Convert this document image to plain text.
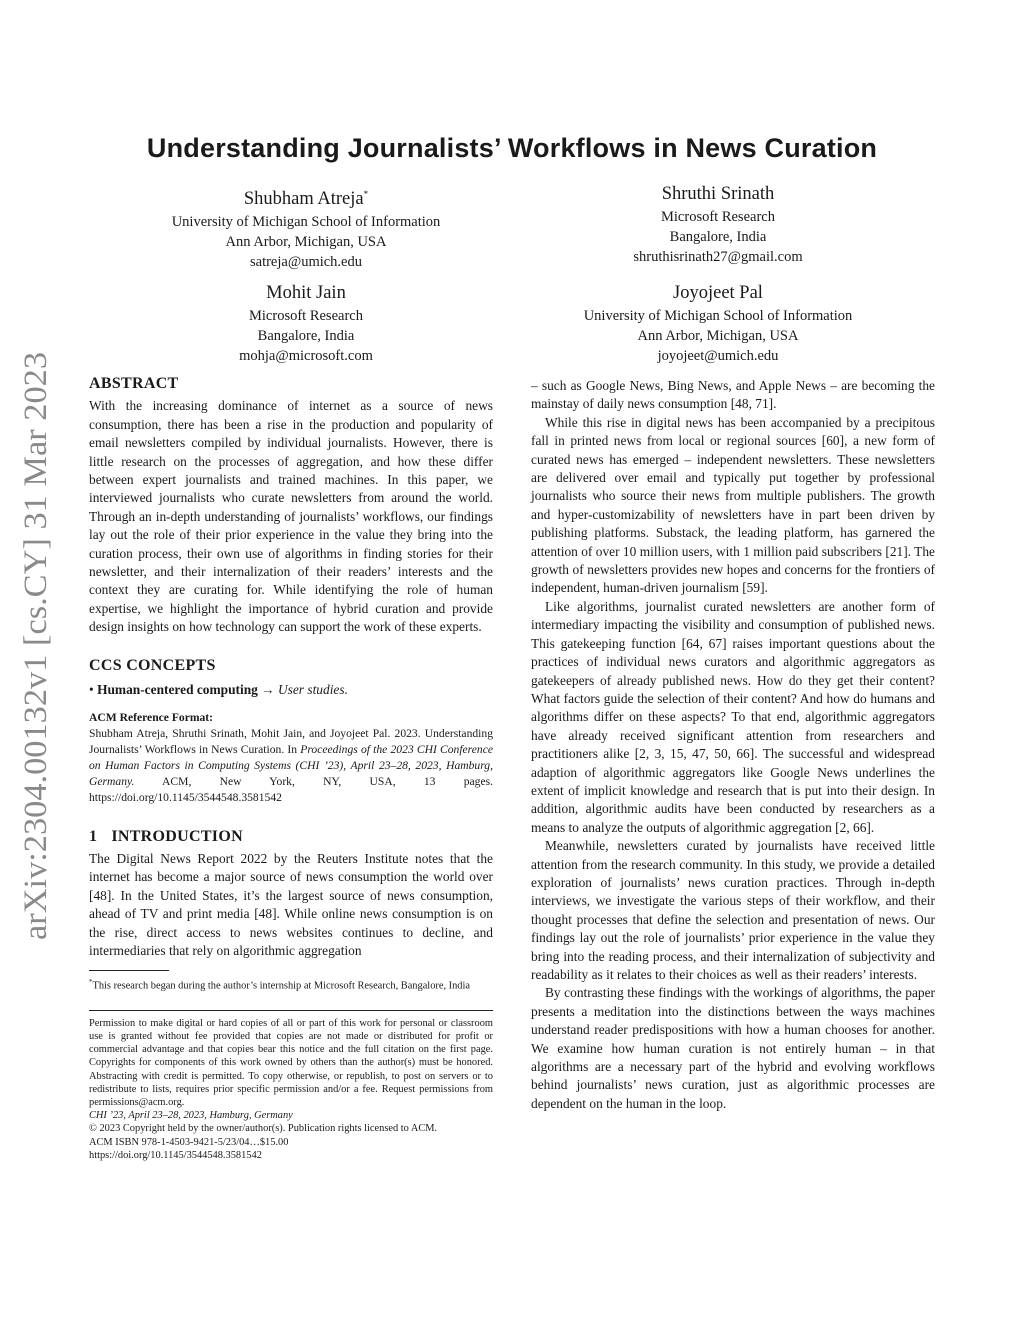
arXiv:2304.00132v1 [cs.CY] 31 Mar 2023
Understanding Journalists’ Workflows in News Curation
Shubham Atreja*
University of Michigan School of Information
Ann Arbor, Michigan, USA
satreja@umich.edu
Shruthi Srinath
Microsoft Research
Bangalore, India
shruthisrinath27@gmail.com
Mohit Jain
Microsoft Research
Bangalore, India
mohja@microsoft.com
Joyojeet Pal
University of Michigan School of Information
Ann Arbor, Michigan, USA
joyojeet@umich.edu
ABSTRACT

With the increasing dominance of internet as a source of news consumption, there has been a rise in the production and popularity of email newsletters compiled by individual journalists. However, there is little research on the processes of aggregation, and how these differ between expert journalists and trained machines. In this paper, we interviewed journalists who curate newsletters from around the world. Through an in-depth understanding of journalists’ workflows, our findings lay out the role of their prior experience in the value they bring into the curation process, their own use of algorithms in finding stories for their newsletter, and their internalization of their readers’ interests and the context they are curating for. While identifying the role of human expertise, we highlight the importance of hybrid curation and provide design insights on how technology can support the work of these experts.

CCS CONCEPTS
• Human-centered computing → User studies.
ACM Reference Format:
Shubham Atreja, Shruthi Srinath, Mohit Jain, and Joyojeet Pal. 2023. Understanding Journalists’ Workflows in News Curation. In Proceedings of the 2023 CHI Conference on Human Factors in Computing Systems (CHI ’23), April 23–28, 2023, Hamburg, Germany. ACM, New York, NY, USA, 13 pages. https://doi.org/10.1145/3544548.3581542
1 INTRODUCTION

The Digital News Report 2022 by the Reuters Institute notes that the internet has become a major source of news consumption the world over [48]. In the United States, it’s the largest source of news consumption, ahead of TV and print media [48]. While online news consumption is on the rise, direct access to news websites continues to decline, and intermediaries that rely on algorithmic aggregation

*This research began during the author’s internship at Microsoft Research, Bangalore, India

Permission to make digital or hard copies of all or part of this work for personal or classroom use is granted without fee provided that copies are not made or distributed for profit or commercial advantage and that copies bear this notice and the full citation on the first page. Copyrights for components of this work owned by others than the author(s) must be honored. Abstracting with credit is permitted. To copy otherwise, or republish, to post on servers or to redistribute to lists, requires prior specific permission and/or a fee. Request permissions from permissions@acm.org.

CHI ’23, April 23–28, 2023, Hamburg, Germany
© 2023 Copyright held by the owner/author(s). Publication rights licensed to ACM.
ACM ISBN 978-1-4503-9421-5/23/04…$15.00
https://doi.org/10.1145/3544548.3581542

– such as Google News, Bing News, and Apple News – are becoming the mainstay of daily news consumption [48, 71].

While this rise in digital news has been accompanied by a precipitous fall in printed news from local or regional sources [60], a new form of curated news has emerged – independent newsletters. These newsletters are delivered over email and typically put together by professional journalists who source their news from multiple publishers. The growth and hyper-customizability of newsletters have in part been driven by publishing platforms. Substack, the leading platform, has garnered the attention of over 10 million users, with 1 million paid subscribers [21]. The growth of newsletters provides new hopes and concerns for the frontiers of independent, human-driven journalism [59].

Like algorithms, journalist curated newsletters are another form of intermediary impacting the visibility and consumption of published news. This gatekeeping function [64, 67] raises important questions about the practices of individual news curators and algorithmic aggregators as gatekeepers of already published news. How do they get their content? What factors guide the selection of their content? And how do humans and algorithms differ on these aspects? To that end, algorithmic aggregators have already received significant attention from researchers and practitioners alike [2, 3, 15, 47, 50, 66]. The successful and widespread adaption of algorithmic aggregators like Google News underlines the extent of implicit knowledge and research that is put into their design. In addition, algorithmic audits have been conducted by researchers as a means to analyze the outputs of algorithmic aggregation [2, 66].

Meanwhile, newsletters curated by journalists have received little attention from the research community. In this study, we provide a detailed exploration of journalists’ news curation practices. Through in-depth interviews, we investigate the various steps of their workflow, and their thought processes that define the selection and presentation of news. Our findings lay out the role of journalists’ prior experience in the value they bring into the reading process, and their internalization of subjectivity and readability as it relates to their choices as well as their readers’ interests.

By contrasting these findings with the workings of algorithms, the paper presents a meditation into the distinctions between the ways machines understand reader predispositions with how a human chooses for another. We examine how human curation is not entirely human – in that algorithms are a necessary part of the hybrid and evolving workflows behind journalists’ news curation, just as algorithmic processes are dependent on the human in the loop.
